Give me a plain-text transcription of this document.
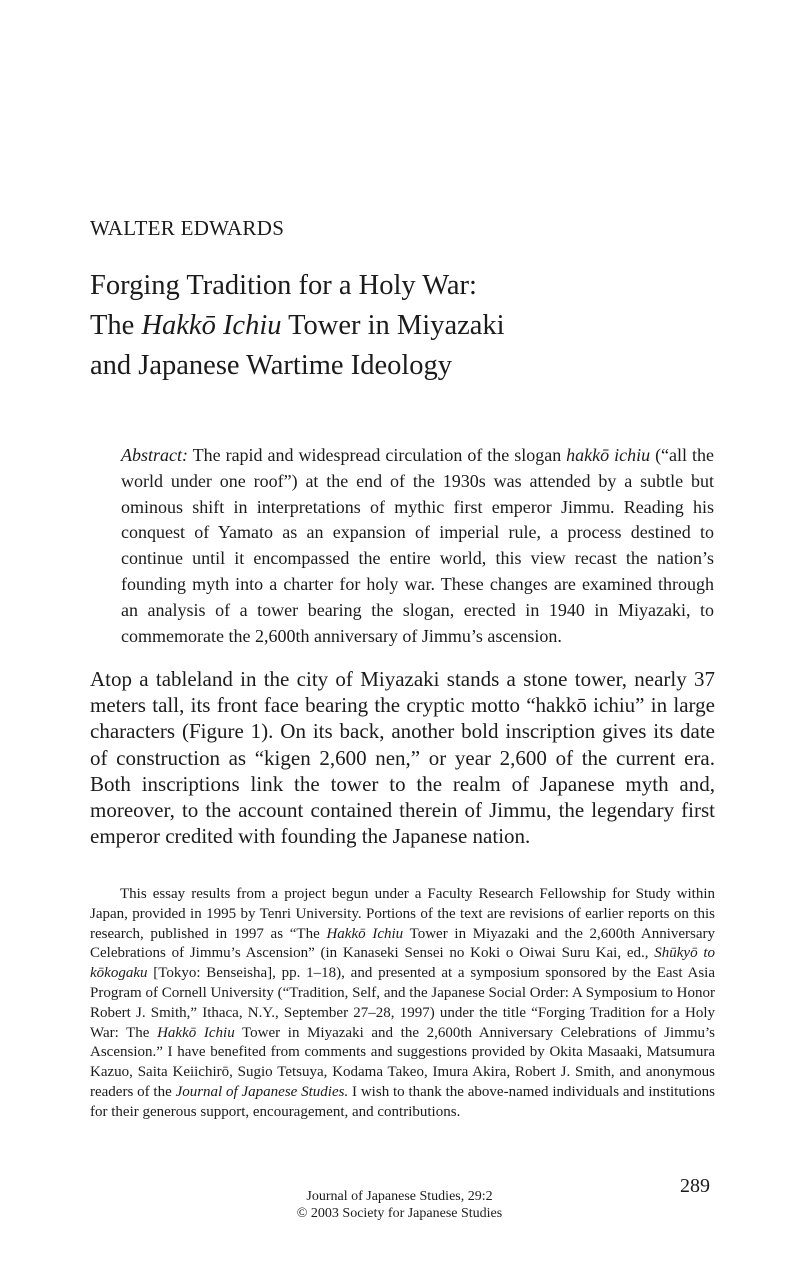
WALTER EDWARDS
Forging Tradition for a Holy War:
The Hakkō Ichiu Tower in Miyazaki
and Japanese Wartime Ideology
Abstract: The rapid and widespread circulation of the slogan hakkō ichiu (“all the world under one roof”) at the end of the 1930s was attended by a subtle but ominous shift in interpretations of mythic first emperor Jimmu. Reading his conquest of Yamato as an expansion of imperial rule, a process destined to continue until it encompassed the entire world, this view recast the nation’s founding myth into a charter for holy war. These changes are examined through an analysis of a tower bearing the slogan, erected in 1940 in Miyazaki, to commemorate the 2,600th anniversary of Jimmu’s ascension.
Atop a tableland in the city of Miyazaki stands a stone tower, nearly 37 meters tall, its front face bearing the cryptic motto “hakkō ichiu” in large characters (Figure 1). On its back, another bold inscription gives its date of construction as “kigen 2,600 nen,” or year 2,600 of the current era. Both inscriptions link the tower to the realm of Japanese myth and, moreover, to the account contained therein of Jimmu, the legendary first emperor credited with founding the Japanese nation.
This essay results from a project begun under a Faculty Research Fellowship for Study within Japan, provided in 1995 by Tenri University. Portions of the text are revisions of earlier reports on this research, published in 1997 as “The Hakkō Ichiu Tower in Miyazaki and the 2,600th Anniversary Celebrations of Jimmu’s Ascension” (in Kanaseki Sensei no Koki o Oiwai Suru Kai, ed., Shūkyō to kōkogaku [Tokyo: Benseisha], pp. 1–18), and presented at a symposium sponsored by the East Asia Program of Cornell University (“Tradition, Self, and the Japanese Social Order: A Symposium to Honor Robert J. Smith,” Ithaca, N.Y., September 27–28, 1997) under the title “Forging Tradition for a Holy War: The Hakkō Ichiu Tower in Miyazaki and the 2,600th Anniversary Celebrations of Jimmu’s Ascension.” I have benefited from comments and suggestions provided by Okita Masaaki, Matsumura Kazuo, Saita Keiichirō, Sugio Tetsuya, Kodama Takeo, Imura Akira, Robert J. Smith, and anonymous readers of the Journal of Japanese Studies. I wish to thank the above-named individuals and institutions for their generous support, encouragement, and contributions.
289
Journal of Japanese Studies, 29:2
© 2003 Society for Japanese Studies
